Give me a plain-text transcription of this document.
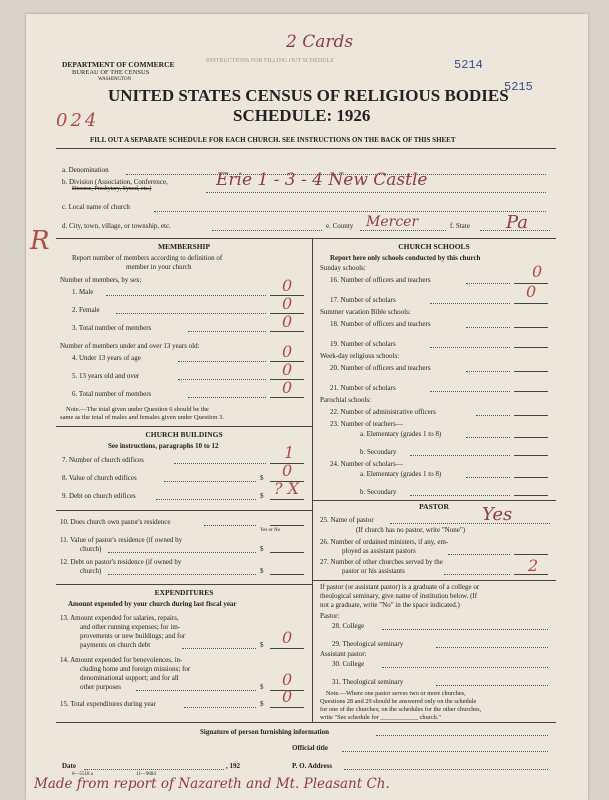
2 Cards
INSTRUCTIONS FOR FILLING OUT SCHEDULE	5214
5215
DEPARTMENT OF COMMERCE
BUREAU OF THE CENSUS
WASHINGTON
UNITED STATES CENSUS OF RELIGIOUS BODIES
SCHEDULE: 1926
024
FILL OUT A SEPARATE SCHEDULE FOR EACH CHURCH. SEE INSTRUCTIONS ON THE BACK OF THIS SHEET
a. Denomination
b. Division (Association, Conference,
Diocese, Presbytery, Synod, etc.)	Erie 1 - 3 - 4 New Castle
c. Local name of church
R d. City, town, village, or township, etc.	e. County Mercer	f. State Pa
MEMBERSHIP
Report number of members according to definition of
member in your church
Number of members, by sex:
1. Male	0
2. Female	0
3. Total number of members	0
Number of members under and over 13 years old:
4. Under 13 years of age	0
5. 13 years old and over	0
6. Total number of members	0
Note.—The total given under Question 6 should be the
same as the total of males and females given under Question 3.
CHURCH BUILDINGS
See instructions, paragraphs 10 to 12
7. Number of church edifices	1
8. Value of church edifices	$ 0
9. Debt on church edifices	$ ? X
10. Does church own pastor's residence
Yes or No
11. Value of pastor's residence (if owned by
church)	$
12. Debt on pastor's residence (if owned by
church)	$
EXPENDITURES
Amount expended by your church during last fiscal year
13. Amount expended for salaries, repairs,
and other running expenses; for im-
provements or new buildings; and for
payments on church debt	$ 0
14. Amount expended for benevolences, in-
cluding home and foreign missions; for
denominational support; and for all
other purposes	$ 0
15. Total expenditures during year	$ 0
CHURCH SCHOOLS
Report here only schools conducted by this church
Sunday schools:
16. Number of officers and teachers	0
17. Number of scholars	0
Summer vacation Bible schools:
18. Number of officers and teachers
19. Number of scholars
Week-day religious schools:
20. Number of officers and teachers
21. Number of scholars
Parochial schools:
22. Number of administrative officers
23. Number of teachers—
a. Elementary (grades 1 to 8)
b. Secondary
24. Number of scholars—
a. Elementary (grades 1 to 8)
b. Secondary
PASTOR
25. Name of pastor	Yes
(If church has no pastor, write "None")
26. Number of ordained ministers, if any, em-
ployed as assistant pastors
27. Number of other churches served by the
pastor or his assistants	2
If pastor (or assistant pastor) is a graduate of a college or
theological seminary, give name of institution below. (If
not a graduate, write "No" in the space indicated.)
Pastor:
28. College
29. Theological seminary
Assistant pastor:
30. College
31. Theological seminary
Note.—Where one pastor serves two or more churches,
Questions 28 and 29 should be answered only on the schedule
for one of the churches; on the schedules for the other churches,
write "See schedule for ____________ church."
Signature of person furnishing information
Official title
Date	, 192	P. O. Address
6—5518 a	11—9684
Made from report of Nazareth and Mt. Pleasant Ch.
